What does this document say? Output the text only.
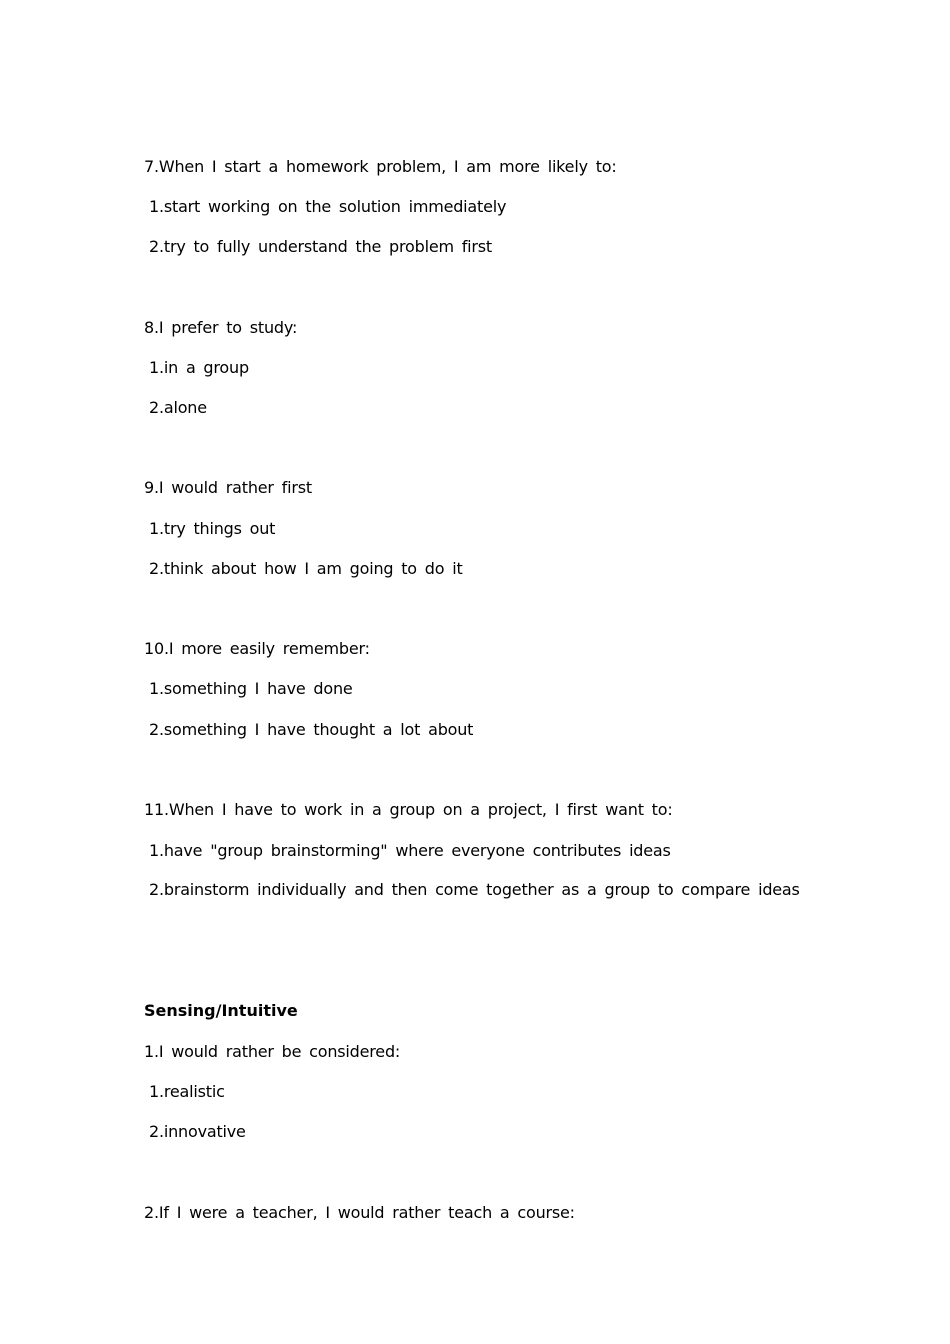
7.When I start a homework problem, I am more likely to:
1.start working on the solution immediately
2.try to fully understand the problem first
8.I prefer to study:
1.in a group
2.alone
9.I would rather first
1.try things out
2.think about how I am going to do it
10.I more easily remember:
1.something I have done
2.something I have thought a lot about
11.When I have to work in a group on a project, I first want to:
1.have "group brainstorming" where everyone contributes ideas
2.brainstorm individually and then come together as a group to compare ideas
Sensing/Intuitive
1.I would rather be considered:
1.realistic
2.innovative
2.If I were a teacher, I would rather teach a course:
